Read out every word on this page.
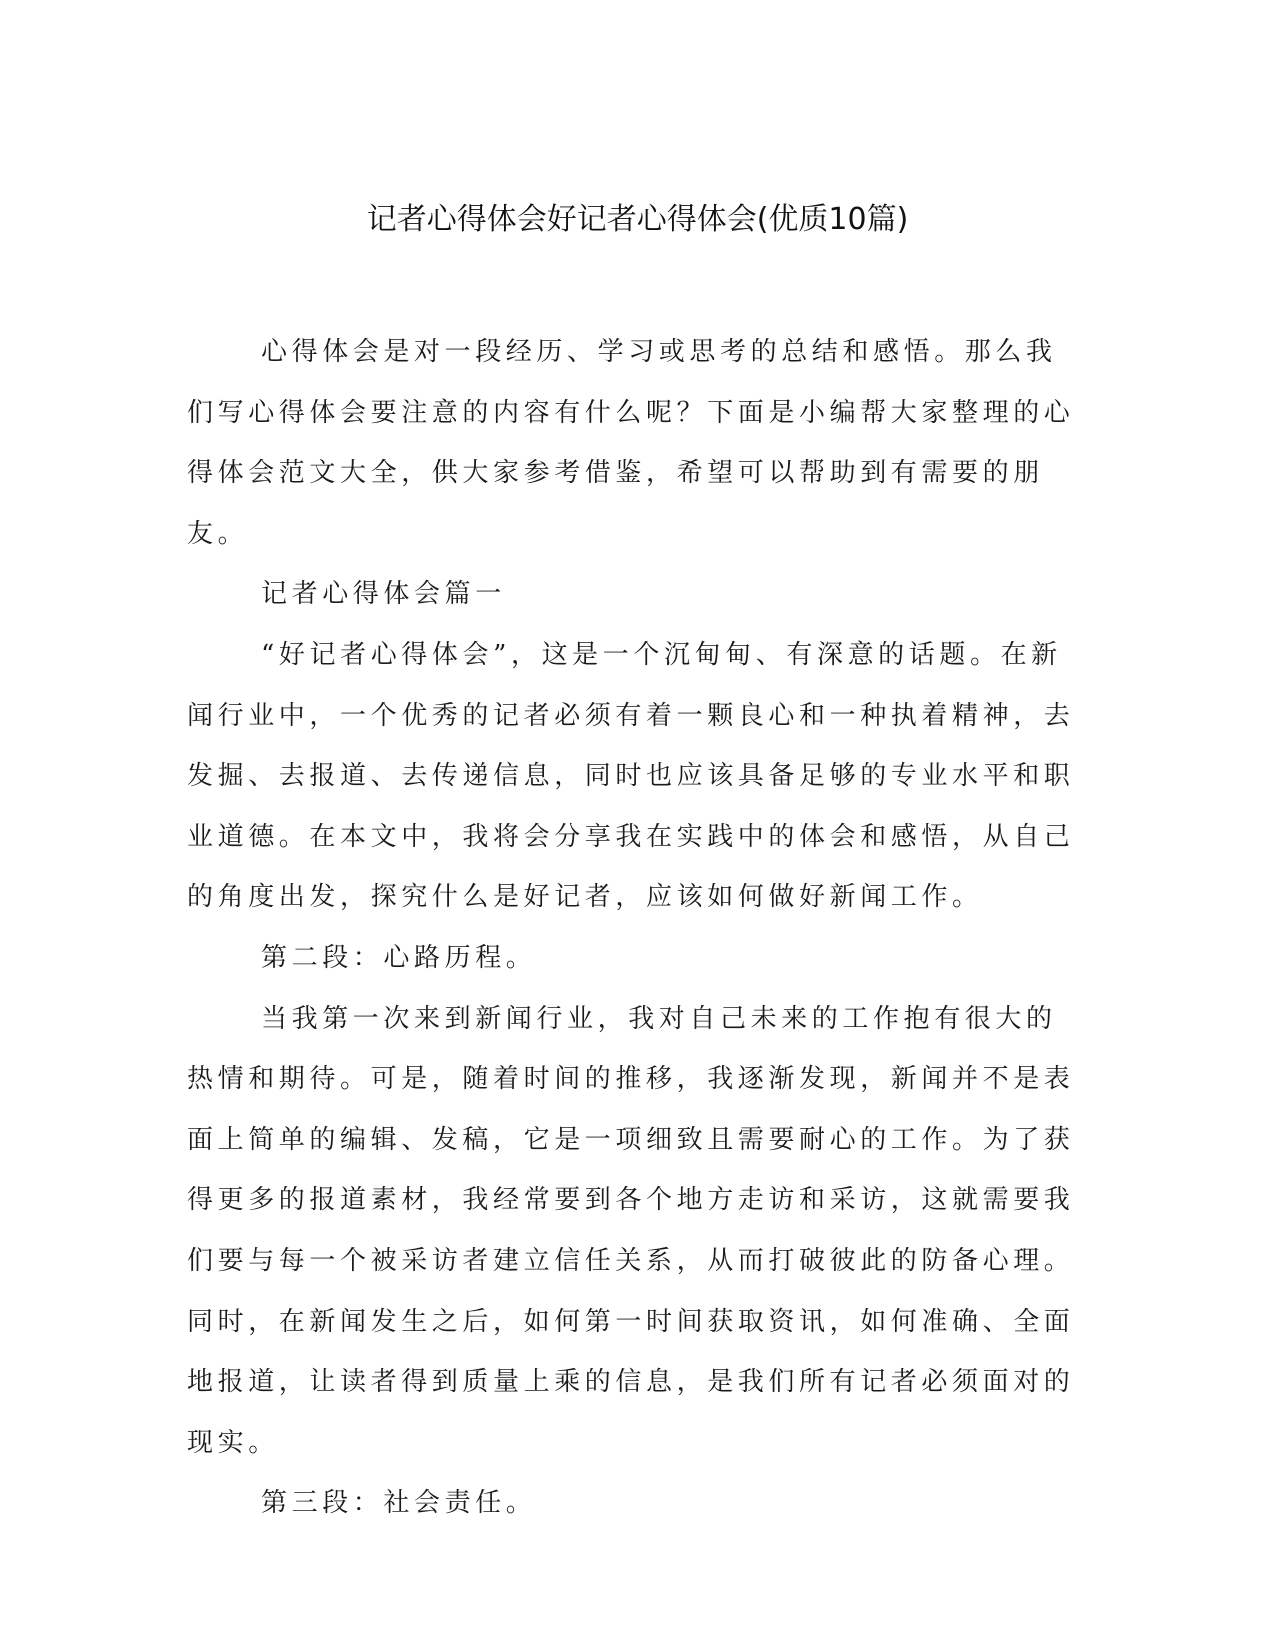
记者心得体会好记者心得体会(优质10篇)

心得体会是对一段经历、学习或思考的总结和感悟。那么我们写心得体会要注意的内容有什么呢？下面是小编帮大家整理的心得体会范文大全，供大家参考借鉴，希望可以帮助到有需要的朋友。

记者心得体会篇一

“好记者心得体会”，这是一个沉甸甸、有深意的话题。在新闻行业中，一个优秀的记者必须有着一颗良心和一种执着精神，去发掘、去报道、去传递信息，同时也应该具备足够的专业水平和职业道德。在本文中，我将会分享我在实践中的体会和感悟，从自己的角度出发，探究什么是好记者，应该如何做好新闻工作。

第二段：心路历程。

当我第一次来到新闻行业，我对自己未来的工作抱有很大的热情和期待。可是，随着时间的推移，我逐渐发现，新闻并不是表面上简单的编辑、发稿，它是一项细致且需要耐心的工作。为了获得更多的报道素材，我经常要到各个地方走访和采访，这就需要我们要与每一个被采访者建立信任关系，从而打破彼此的防备心理。同时，在新闻发生之后，如何第一时间获取资讯，如何准确、全面地报道，让读者得到质量上乘的信息，是我们所有记者必须面对的现实。

第三段：社会责任。
